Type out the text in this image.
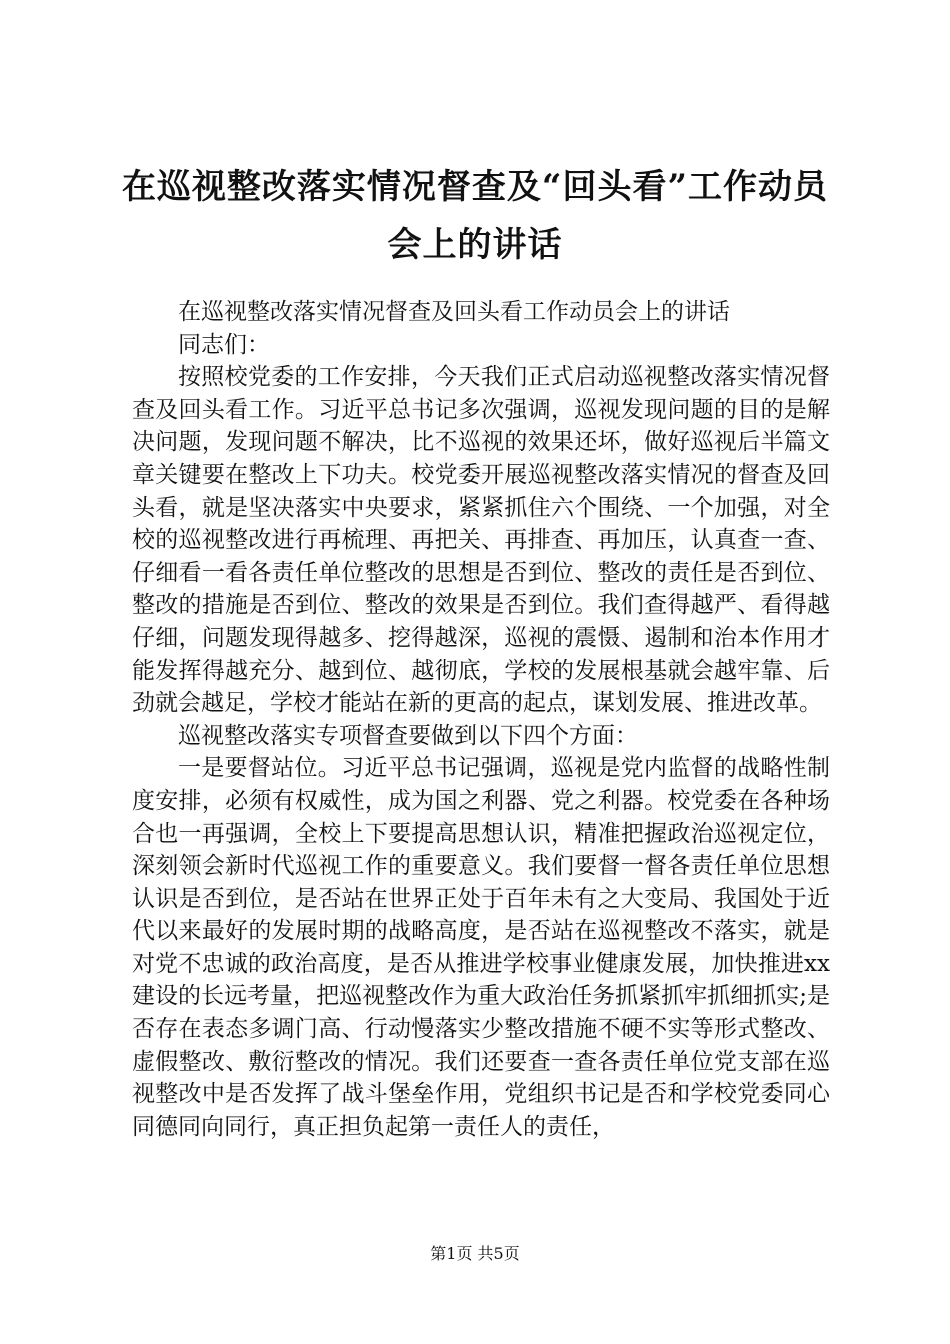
在巡视整改落实情况督查及“回头看”工作动员会上的讲话

在巡视整改落实情况督查及回头看工作动员会上的讲话

同志们：

按照校党委的工作安排，今天我们正式启动巡视整改落实情况督查及回头看工作。习近平总书记多次强调，巡视发现问题的目的是解决问题，发现问题不解决，比不巡视的效果还坏，做好巡视后半篇文章关键要在整改上下功夫。校党委开展巡视整改落实情况的督查及回头看，就是坚决落实中央要求，紧紧抓住六个围绕、一个加强，对全校的巡视整改进行再梳理、再把关、再排查、再加压，认真查一查、仔细看一看各责任单位整改的思想是否到位、整改的责任是否到位、整改的措施是否到位、整改的效果是否到位。我们查得越严、看得越仔细，问题发现得越多、挖得越深，巡视的震慑、遏制和治本作用才能发挥得越充分、越到位、越彻底，学校的发展根基就会越牢靠、后劲就会越足，学校才能站在新的更高的起点，谋划发展、推进改革。

巡视整改落实专项督查要做到以下四个方面：

一是要督站位。习近平总书记强调，巡视是党内监督的战略性制度安排，必须有权威性，成为国之利器、党之利器。校党委在各种场合也一再强调，全校上下要提高思想认识，精准把握政治巡视定位，深刻领会新时代巡视工作的重要意义。我们要督一督各责任单位思想认识是否到位，是否站在世界正处于百年未有之大变局、我国处于近代以来最好的发展时期的战略高度，是否站在巡视整改不落实，就是对党不忠诚的政治高度，是否从推进学校事业健康发展，加快推进xx建设的长远考量，把巡视整改作为重大政治任务抓紧抓牢抓细抓实;是否存在表态多调门高、行动慢落实少整改措施不硬不实等形式整改、虚假整改、敷衍整改的情况。我们还要查一查各责任单位党支部在巡视整改中是否发挥了战斗堡垒作用，党组织书记是否和学校党委同心同德同向同行，真正担负起第一责任人的责任，

第1页 共5页
